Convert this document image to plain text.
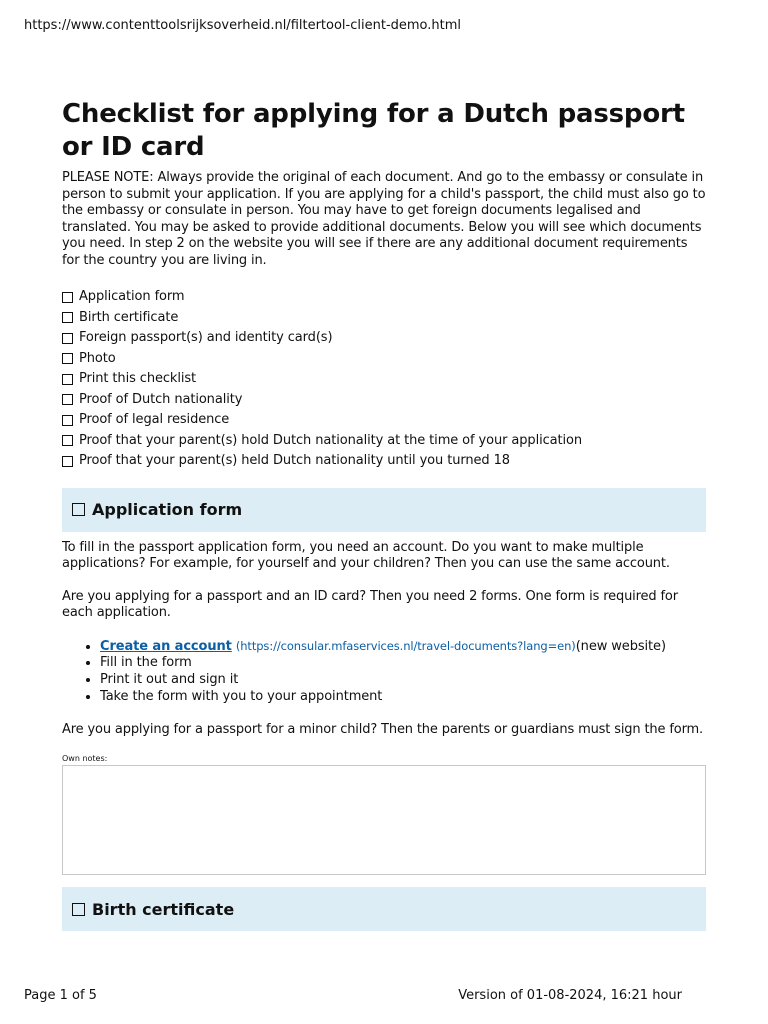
https://www.contenttoolsrijksoverheid.nl/filtertool-client-demo.html
Checklist for applying for a Dutch passport or ID card

PLEASE NOTE: Always provide the original of each document. And go to the embassy or consulate in person to submit your application. If you are applying for a child's passport, the child must also go to the embassy or consulate in person. You may have to get foreign documents legalised and translated. You may be asked to provide additional documents. Below you will see which documents you need. In step 2 on the website you will see if there are any additional document requirements for the country you are living in.

Application form
Birth certificate
Foreign passport(s) and identity card(s)
Photo
Print this checklist
Proof of Dutch nationality
Proof of legal residence
Proof that your parent(s) hold Dutch nationality at the time of your application
Proof that your parent(s) held Dutch nationality until you turned 18
Application form

To fill in the passport application form, you need an account. Do you want to make multiple applications? For example, for yourself and your children? Then you can use the same account.

Are you applying for a passport and an ID card? Then you need 2 forms. One form is required for each application.

• Create an account (https://consular.mfaservices.nl/travel-documents?lang=en)(new website)
• Fill in the form
• Print it out and sign it
• Take the form with you to your appointment

Are you applying for a passport for a minor child? Then the parents or guardians must sign the form.

Own notes:
Birth certificate
Page 1 of 5	Version of 01-08-2024, 16:21 hour
